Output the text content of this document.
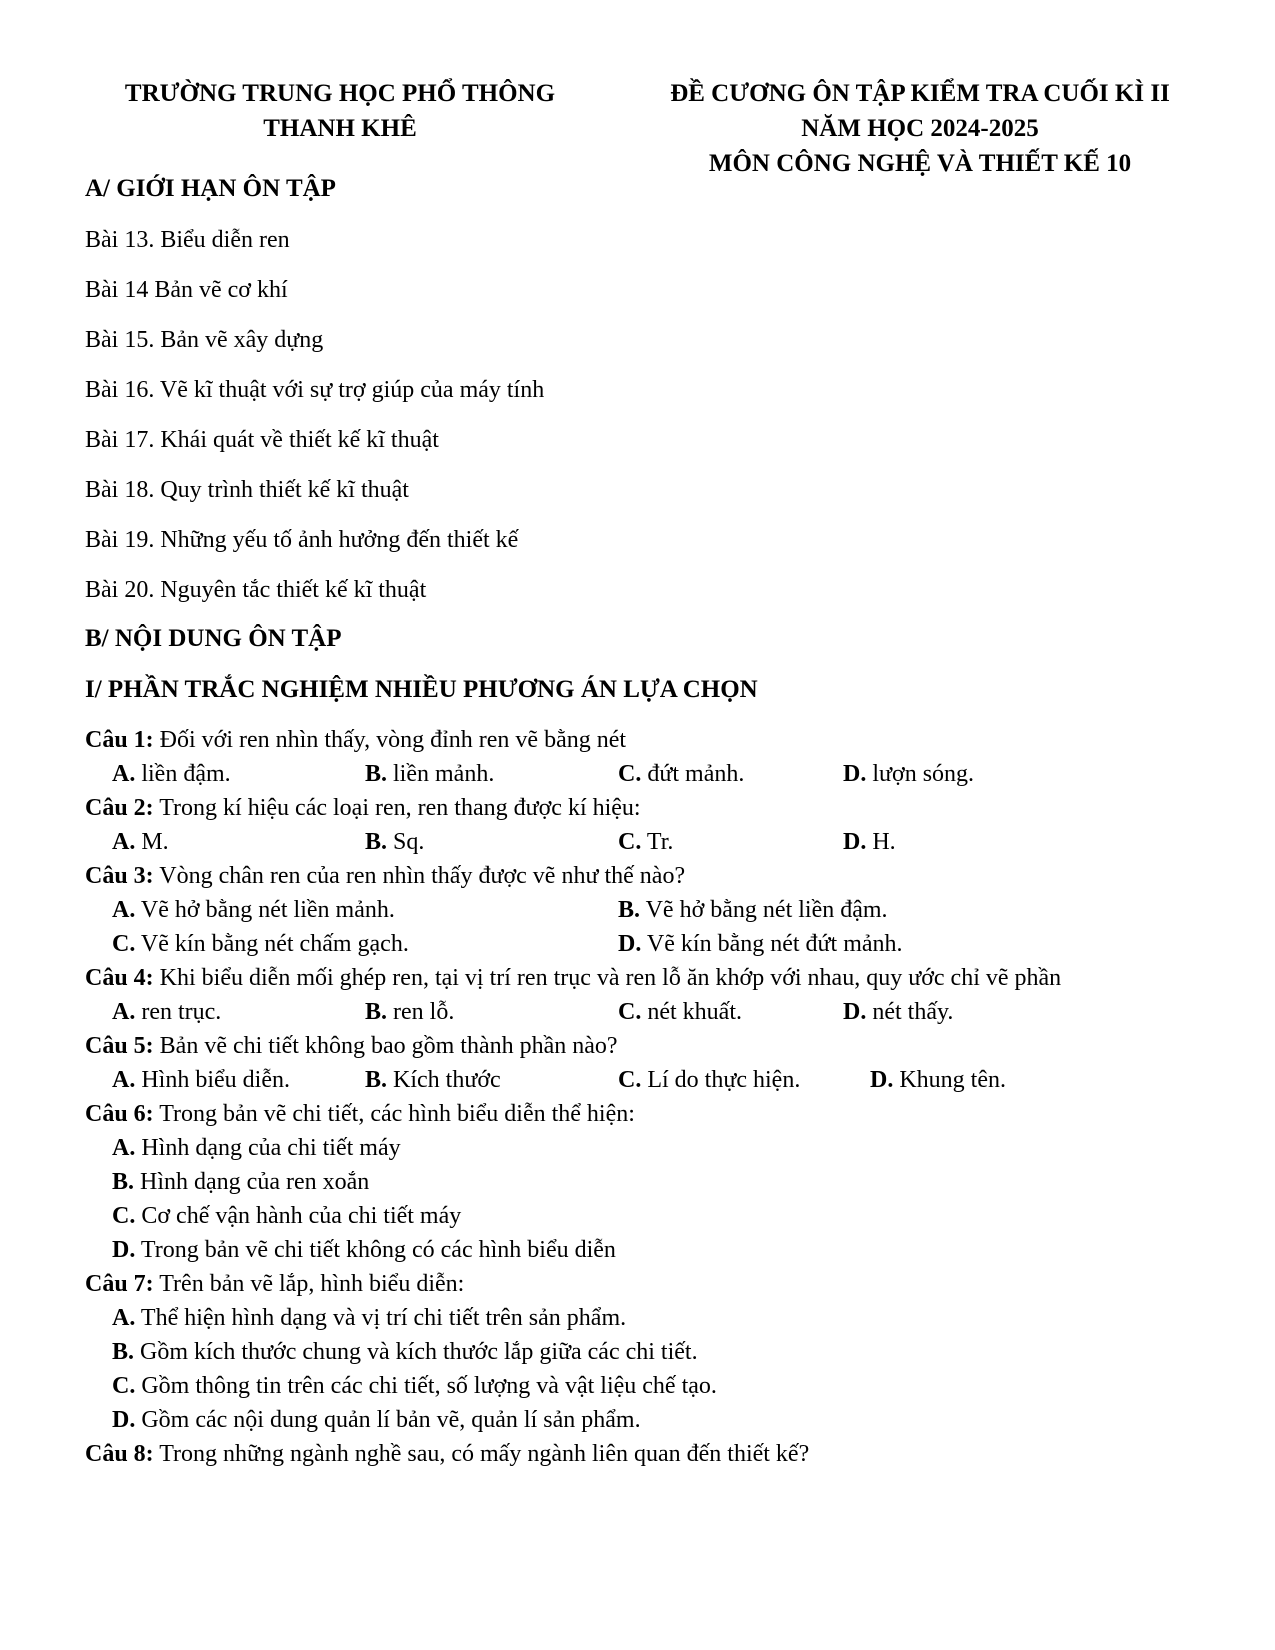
TRƯỜNG TRUNG HỌC PHỔ THÔNG
THANH KHÊ
ĐỀ CƯƠNG ÔN TẬP KIỂM TRA CUỐI KÌ II
NĂM HỌC 2024-2025
MÔN CÔNG NGHỆ VÀ THIẾT KẾ 10
A/ GIỚI HẠN ÔN TẬP
Bài 13. Biểu diễn ren
Bài 14 Bản vẽ cơ khí
Bài 15. Bản vẽ xây dựng
Bài 16. Vẽ kĩ thuật với sự trợ giúp của máy tính
Bài 17. Khái quát về thiết kế kĩ thuật
Bài 18. Quy trình thiết kế kĩ thuật
Bài 19. Những yếu tố ảnh hưởng đến thiết kế
Bài 20. Nguyên tắc thiết kế kĩ thuật
B/ NỘI DUNG ÔN TẬP
I/ PHẦN TRẮC NGHIỆM NHIỀU PHƯƠNG ÁN LỰA CHỌN
Câu 1: Đối với ren nhìn thấy, vòng đỉnh ren vẽ bằng nét
A. liền đậm.	B. liền mảnh.	C. đứt mảnh.	D. lượn sóng.
Câu 2: Trong kí hiệu các loại ren, ren thang được kí hiệu:
A. M.	B. Sq.	C. Tr.	D. H.
Câu 3: Vòng chân ren của ren nhìn thấy được vẽ như thế nào?
A. Vẽ hở bằng nét liền mảnh.	B. Vẽ hở bằng nét liền đậm.
C. Vẽ kín bằng nét chấm gạch.	D. Vẽ kín bằng nét đứt mảnh.
Câu 4: Khi biểu diễn mối ghép ren, tại vị trí ren trục và ren lỗ ăn khớp với nhau, quy ước chỉ vẽ phần
A. ren trục.	B. ren lỗ.	C. nét khuất.	D. nét thấy.
Câu 5: Bản vẽ chi tiết không bao gồm thành phần nào?
A. Hình biểu diễn.	B. Kích thước	C. Lí do thực hiện.	D. Khung tên.
Câu 6: Trong bản vẽ chi tiết, các hình biểu diễn thể hiện:
A. Hình dạng của chi tiết máy
B. Hình dạng của ren xoắn
C. Cơ chế vận hành của chi tiết máy
D. Trong bản vẽ chi tiết không có các hình biểu diễn
Câu 7: Trên bản vẽ lắp, hình biểu diễn:
A. Thể hiện hình dạng và vị trí chi tiết trên sản phẩm.
B. Gồm kích thước chung và kích thước lắp giữa các chi tiết.
C. Gồm thông tin trên các chi tiết, số lượng và vật liệu chế tạo.
D. Gồm các nội dung quản lí bản vẽ, quản lí sản phẩm.
Câu 8: Trong những ngành nghề sau, có mấy ngành liên quan đến thiết kế?
